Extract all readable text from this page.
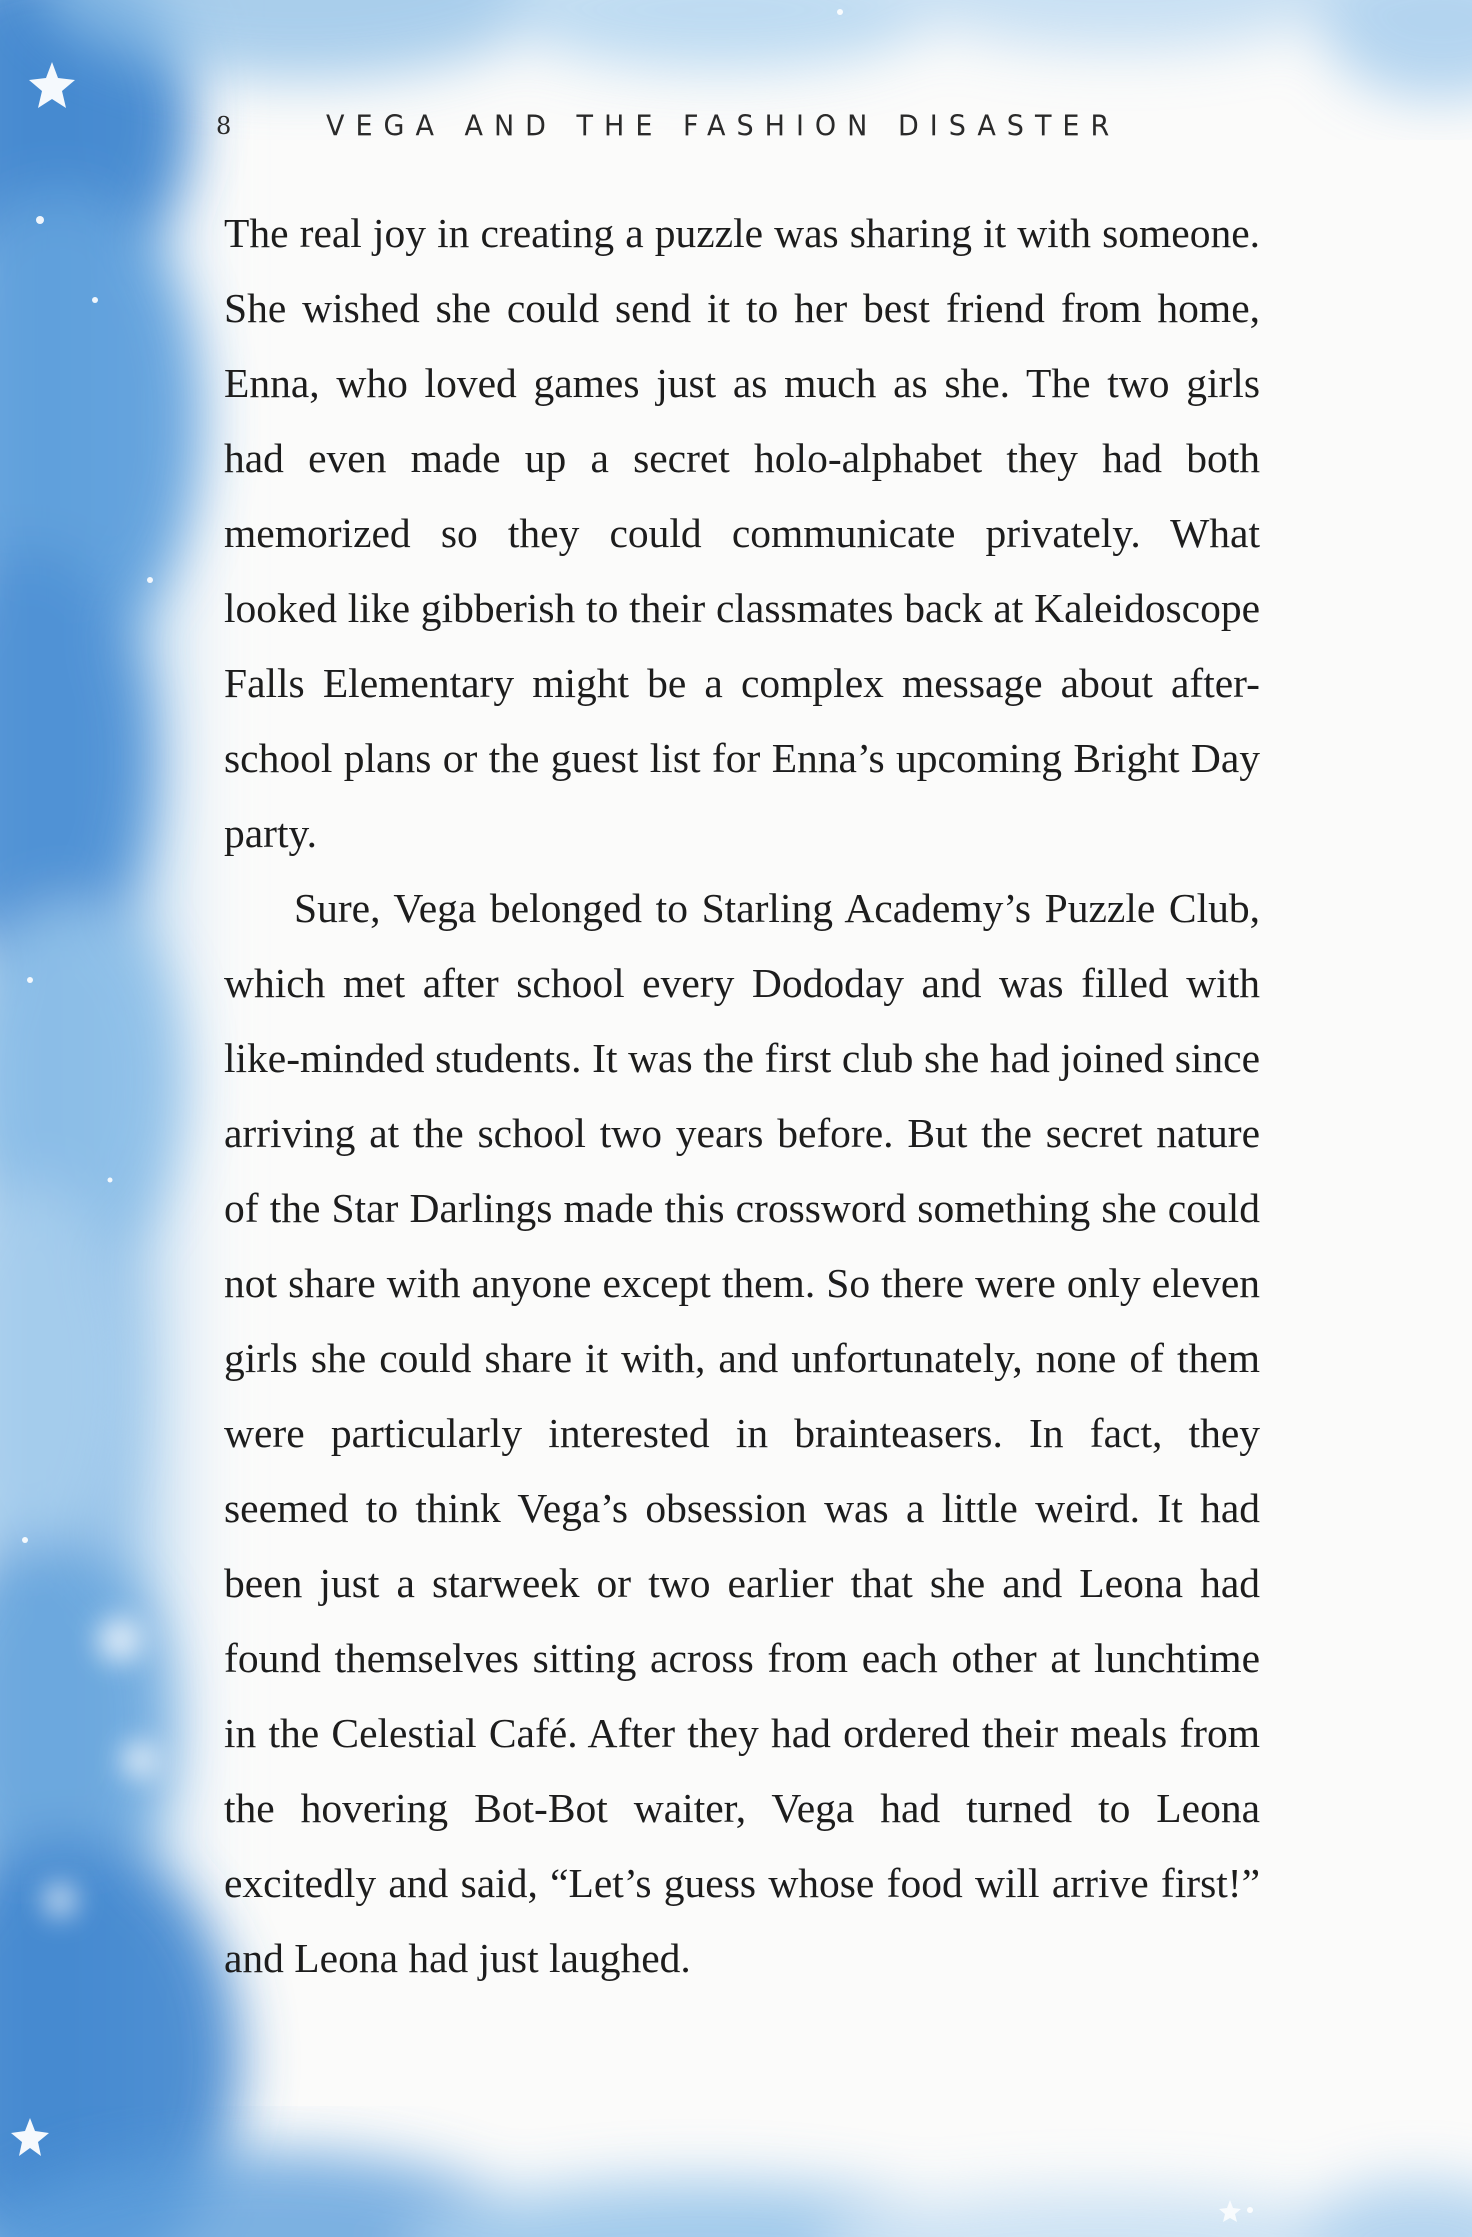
8	VEGA AND THE FASHION DISASTER

The real joy in creating a puzzle was sharing it with someone. She wished she could send it to her best friend from home, Enna, who loved games just as much as she. The two girls had even made up a secret holo-alphabet they had both memorized so they could communicate privately. What looked like gibberish to their classmates back at Kaleidoscope Falls Elementary might be a complex message about after-school plans or the guest list for Enna’s upcoming Bright Day party.

Sure, Vega belonged to Starling Academy’s Puzzle Club, which met after school every Dododay and was filled with like-minded students. It was the first club she had joined since arriving at the school two years before. But the secret nature of the Star Darlings made this crossword something she could not share with anyone except them. So there were only eleven girls she could share it with, and unfortunately, none of them were particularly interested in brainteasers. In fact, they seemed to think Vega’s obsession was a little weird. It had been just a starweek or two earlier that she and Leona had found themselves sitting across from each other at lunchtime in the Celestial Café. After they had ordered their meals from the hovering Bot-Bot waiter, Vega had turned to Leona excitedly and said, “Let’s guess whose food will arrive first!” and Leona had just laughed.
